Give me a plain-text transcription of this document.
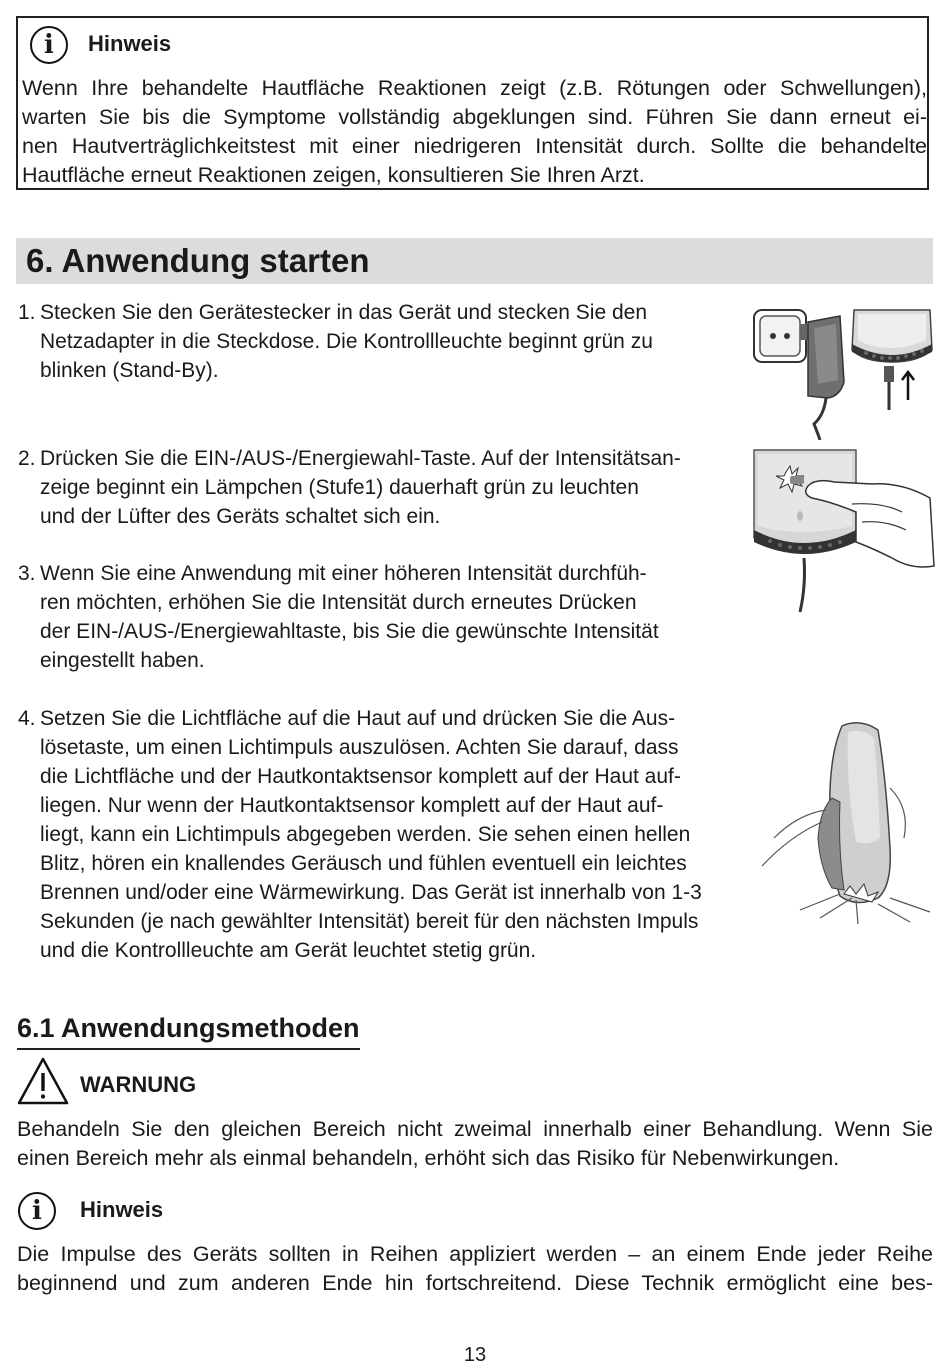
i	Hinweis
Wenn Ihre behandelte Hautfläche Reaktionen zeigt (z.B. Rötungen oder Schwellungen),
warten Sie bis die Symptome vollständig abgeklungen sind. Führen Sie dann erneut ei-
nen Hautverträglichkeitstest mit einer niedrigeren Intensität durch. Sollte die behandelte
Hautfläche erneut Reaktionen zeigen, konsultieren Sie Ihren Arzt.
6. Anwendung starten
1. Stecken Sie den Gerätestecker in das Gerät und stecken Sie den
Netzadapter in die Steckdose. Die Kontrollleuchte beginnt grün zu
blinken (Stand-By).
2. Drücken Sie die EIN-/AUS-/Energiewahl-Taste. Auf der Intensitätsan-
zeige beginnt ein Lämpchen (Stufe1) dauerhaft grün zu leuchten
und der Lüfter des Geräts schaltet sich ein.
3. Wenn Sie eine Anwendung mit einer höheren Intensität durchfüh-
ren möchten, erhöhen Sie die Intensität durch erneutes Drücken
der EIN-/AUS-/Energiewahltaste, bis Sie die gewünschte Intensität
eingestellt haben.
4. Setzen Sie die Lichtfläche auf die Haut auf und drücken Sie die Aus-
lösetaste, um einen Lichtimpuls auszulösen. Achten Sie darauf, dass
die Lichtfläche und der Hautkontaktsensor komplett auf der Haut auf-
liegen. Nur wenn der Hautkontaktsensor komplett auf der Haut auf-
liegt, kann ein Lichtimpuls abgegeben werden. Sie sehen einen hellen
Blitz, hören ein knallendes Geräusch und fühlen eventuell ein leichtes
Brennen und/oder eine Wärmewirkung. Das Gerät ist innerhalb von 1-3
Sekunden (je nach gewählter Intensität) bereit für den nächsten Impuls
und die Kontrollleuchte am Gerät leuchtet stetig grün.
6.1 Anwendungsmethoden
WARNUNG
Behandeln Sie den gleichen Bereich nicht zweimal innerhalb einer Behandlung. Wenn Sie
einen Bereich mehr als einmal behandeln, erhöht sich das Risiko für Nebenwirkungen.
i	Hinweis
Die Impulse des Geräts sollten in Reihen appliziert werden – an einem Ende jeder Reihe
beginnend und zum anderen Ende hin fortschreitend. Diese Technik ermöglicht eine bes-
13
